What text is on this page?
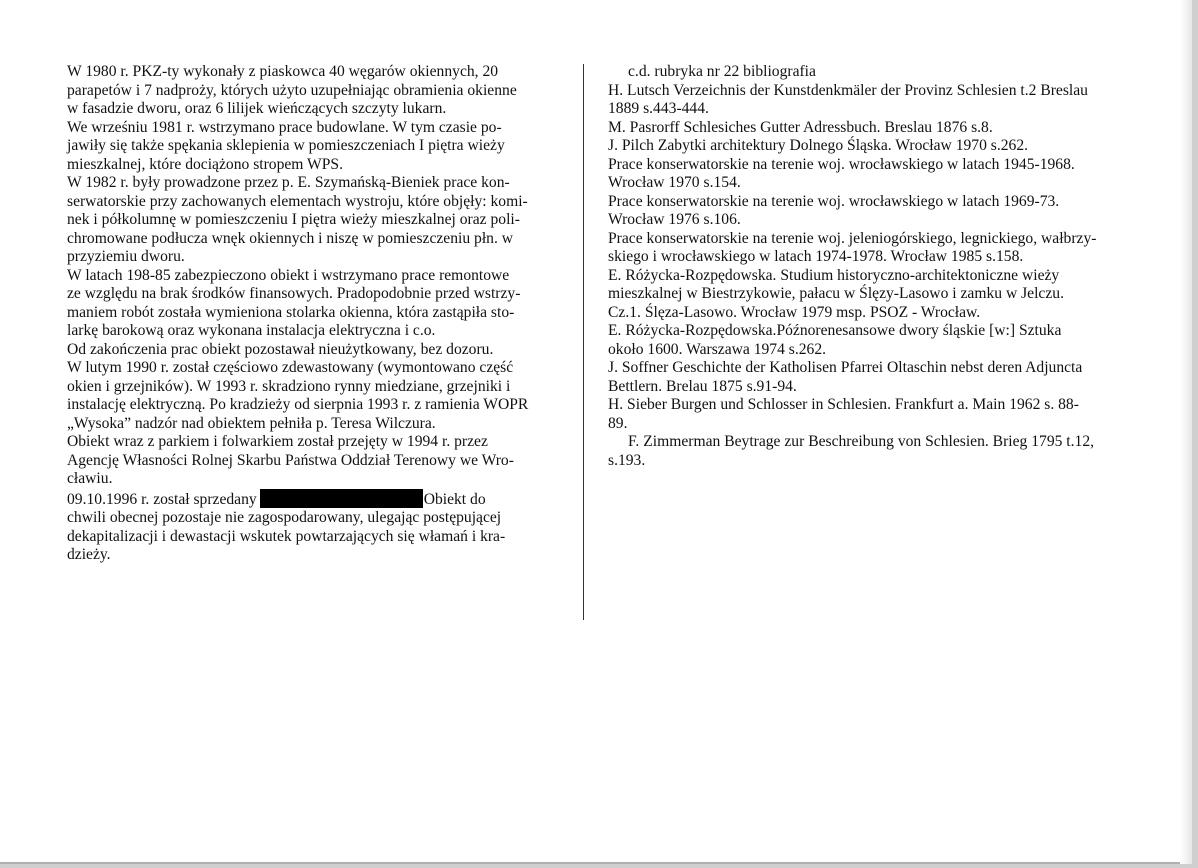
W 1980 r. PKZ-ty wykonały z piaskowca 40 węgarów okiennych, 20
parapetów i 7 nadproży, których użyto uzupełniając obramienia okienne
w fasadzie dworu, oraz 6 lilijek wieńczących szczyty lukarn.

We wrześniu 1981 r. wstrzymano prace budowlane. W tym czasie po-
jawiły się także spękania sklepienia w pomieszczeniach I piętra wieży
mieszkalnej, które dociążono stropem WPS.

W 1982 r. były prowadzone przez p. E. Szymańską-Bieniek prace kon-
serwatorskie przy zachowanych elementach wystroju, które objęły: komi-
nek i półkolumnę w pomieszczeniu I piętra wieży mieszkalnej oraz poli-
chromowane podłucza wnęk okiennych i niszę w pomieszczeniu płn. w
przyziemiu dworu.

W latach 198-85 zabezpieczono obiekt i wstrzymano prace remontowe
ze względu na brak środków finansowych. Pradopodobnie przed wstrzy-
maniem robót została wymieniona stolarka okienna, która zastąpiła sto-
larkę barokową oraz wykonana instalacja elektryczna i c.o.

Od zakończenia prac obiekt pozostawał nieużytkowany, bez dozoru.
W lutym 1990 r. został częściowo zdewastowany (wymontowano część
okien i grzejników). W 1993 r. skradziono rynny miedziane, grzejniki i
instalację elektryczną. Po kradzieży od sierpnia 1993 r. z ramienia WOPR
„Wysoka” nadzór nad obiektem pełniła p. Teresa Wilczura.

Obiekt wraz z parkiem i folwarkiem został przejęty w 1994 r. przez
Agencję Własności Rolnej Skarbu Państwa Oddział Terenowy we Wro-
cławiu.

09.10.1996 r. został sprzedany	Obiekt do
chwili obecnej pozostaje nie zagospodarowany, ulegając postępującej
dekapitalizacji i dewastacji wskutek powtarzających się włamań i kra-
dzieży.

c.d. rubryka nr 22 bibliografia

H. Lutsch Verzeichnis der Kunstdenkmäler der Provinz Schlesien t.2 Breslau
1889 s.443-444.

M. Pasrorff Schlesiches Gutter Adressbuch. Breslau 1876 s.8.

J. Pilch Zabytki architektury Dolnego Śląska. Wrocław 1970 s.262.

Prace konserwatorskie na terenie woj. wrocławskiego w latach 1945-1968.
Wrocław 1970 s.154.

Prace konserwatorskie na terenie woj. wrocławskiego w latach 1969-73.
Wrocław 1976 s.106.

Prace konserwatorskie na terenie woj. jeleniogórskiego, legnickiego, wałbrzy-
skiego i wrocławskiego w latach 1974-1978. Wrocław 1985 s.158.

E. Różycka-Rozpędowska. Studium historyczno-architektoniczne wieży
mieszkalnej w Biestrzykowie, pałacu w Ślęzy-Lasowo i zamku w Jelczu.
Cz.1. Ślęza-Lasowo. Wrocław 1979 msp. PSOZ - Wrocław.

E. Różycka-Rozpędowska.Późnorenesansowe dwory śląskie [w:] Sztuka
około 1600. Warszawa 1974 s.262.

J. Soffner Geschichte der Katholisen Pfarrei Oltaschin nebst deren Adjuncta
Bettlern. Brelau 1875 s.91-94.

H. Sieber Burgen und Schlosser in Schlesien. Frankfurt a. Main 1962 s. 88-
89.

F. Zimmerman Beytrage zur Beschreibung von Schlesien. Brieg 1795 t.12,
s.193.
